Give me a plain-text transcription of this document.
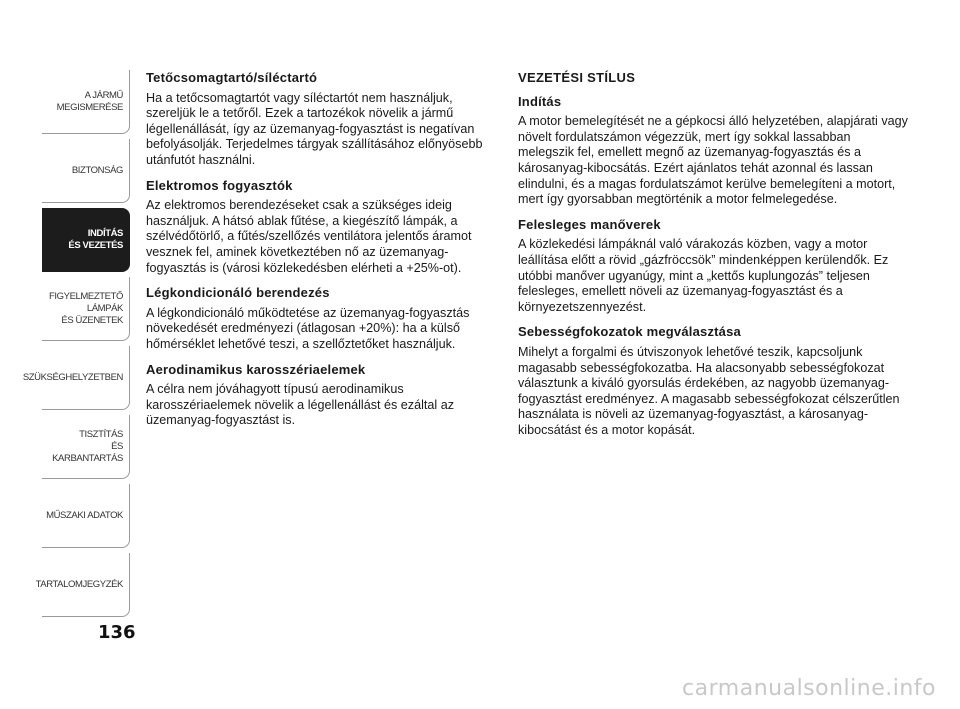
A JÁRMŰ
MEGISMERÉSE
BIZTONSÁG
INDÍTÁS
ÉS VEZETÉS
FIGYELMEZTETŐ
LÁMPÁK
ÉS ÜZENETEK
SZÜKSÉGHELYZETBEN
TISZTÍTÁS
ÉS KARBANTARTÁS
MŰSZAKI ADATOK
TARTALOMJEGYZÉK
136
Tetőcsomagtartó/síléctartó

Ha a tetőcsomagtartót vagy síléctartót nem használjuk, szereljük le a tetőről. Ezek a tartozékok növelik a jármű légellenállását, így az üzemanyag-fogyasztást is negatívan befolyásolják. Terjedelmes tárgyak szállításához előnyösebb utánfutót használni.

Elektromos fogyasztók

Az elektromos berendezéseket csak a szükséges ideig használjuk. A hátsó ablak fűtése, a kiegészítő lámpák, a szélvédőtörlő, a fűtés/szellőzés ventilátora jelentős áramot vesznek fel, aminek következtében nő az üzemanyag-fogyasztás is (városi közlekedésben elérheti a +25%-ot).

Légkondicionáló berendezés

A légkondicionáló működtetése az üzemanyag-fogyasztás növekedését eredményezi (átlagosan +20%): ha a külső hőmérséklet lehetővé teszi, a szellőztetőket használjuk.

Aerodinamikus karosszériaelemek

A célra nem jóváhagyott típusú aerodinamikus karosszériaelemek növelik a légellenállást és ezáltal az üzemanyag-fogyasztást is.

VEZETÉSI STÍLUS
Indítás

A motor bemelegítését ne a gépkocsi álló helyzetében, alapjárati vagy növelt fordulatszámon végezzük, mert így sokkal lassabban melegszik fel, emellett megnő az üzemanyag-fogyasztás és a károsanyag-kibocsátás. Ezért ajánlatos tehát azonnal és lassan elindulni, és a magas fordulatszámot kerülve bemelegíteni a motort, mert így gyorsabban megtörténik a motor felmelegedése.

Felesleges manőverek

A közlekedési lámpáknál való várakozás közben, vagy a motor leállítása előtt a rövid „gázfröccsök” mindenképpen kerülendők. Ez utóbbi manőver ugyanúgy, mint a „kettős kuplungozás” teljesen felesleges, emellett növeli az üzemanyag-fogyasztást és a környezetszennyezést.

Sebességfokozatok megválasztása

Mihelyt a forgalmi és útviszonyok lehetővé teszik, kapcsoljunk magasabb sebességfokozatba. Ha alacsonyabb sebességfokozat választunk a kiváló gyorsulás érdekében, az nagyobb üzemanyag-fogyasztást eredményez. A magasabb sebességfokozat célszerűtlen használata is növeli az üzemanyag-fogyasztást, a károsanyag-kibocsátást és a motor kopását.

carmanualsonline.info
